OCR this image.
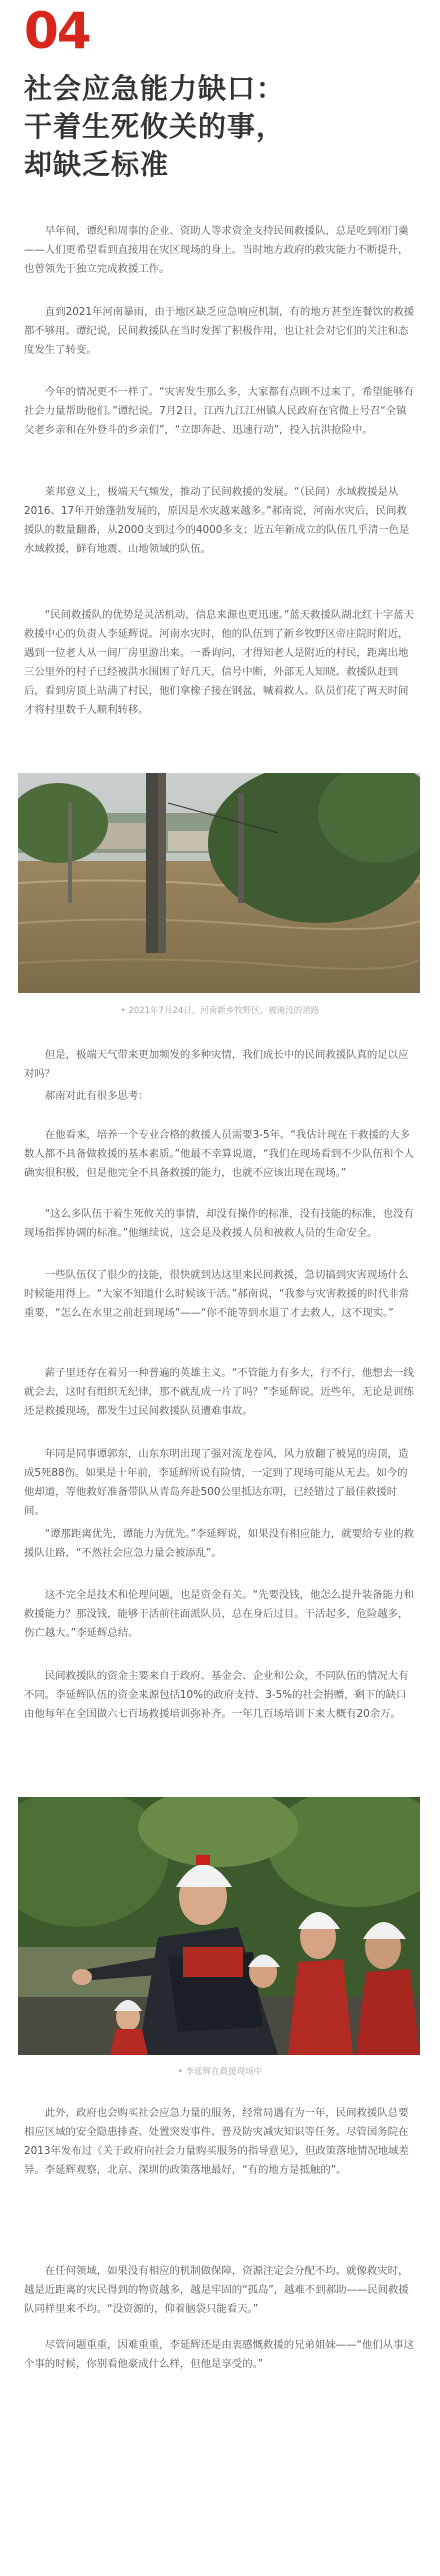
04
社会应急能力缺口：
干着生死攸关的事，
却缺乏标准

早年间，谭纪和周事的企业、资助人等求资金支持民间救援队，总是吃到闭门羹——人们更希望看到直接用在灾区现场的身上。当时地方政府的救灾能力不断提升，也曾领先于独立完成救援工作。

直到2021年河南暴雨，由于地区缺乏应急响应机制，有的地方甚至连餐饮的救援都不够用。谭纪说，民间救援队在当时发挥了积极作用，也让社会对它们的关注和态度发生了转变。

今年的情况更不一样了。“灾害发生那么多，大家都有点顾不过来了，希望能够有社会力量帮助他们。”谭纪说。7月2日，江西九江江州镇人民政府在官微上号召“全镇父老乡亲和在外登斗的乡亲们”，“立即奔赴、迅速行动”，投入抗洪抢险中。

莱邦意义上，极端天气频发，推动了民间救援的发展。“（民间）水域救援是从2016、17年开始蓬勃发展的，原因是水灾越来越多。”郝南说，河南水灾后，民间救援队的数量翻番，从2000支到过今的4000多支；近五年新成立的队伍几乎清一色是水域救援，鲜有地震、山地领域的队伍。

“民间救援队的优势是灵活机动，信息来源也更迅速。”蓝天救援队湖北红十字蓝天救援中心的负责人李延辉说。河南水灾时，他的队伍到了新乡牧野区帝庄院时附近，遇到一位老人从一间厂房里游出来。一番询问，才得知老人是附近的村民，距离出地三公里外的村子已经被洪水围困了好几天，信号中断，外部无人知晓。救援队赶到后，看到房顶上站满了村民，他们拿橡子接在钢盆，喊着救人。队员们花了两天时间才将村里数千人顺利转移。

• 2021年7月24日，河南新乡牧野区，被淹没的道路

但是，极端天气带来更加频发的多种灾情，我们成长中的民间救援队真的足以应对吗？

郝南对此有很多思考：

在他看来，培养一个专业合格的救援人员需要3-5年。“我估计现在干救援的大多数人都不具备做救援的基本素质。”他最不幸算说道，“我们在现场看到不少队伍和个人确实很积极，但是他完全不具备救援的能力，也就不应该出现在现场。”

“这么多队伍干着生死攸关的事情，却没有操作的标准，没有技能的标准，也没有现场指挥协调的标准。”他继续说，这会是及救援人员和被救人员的生命安全。

一些队伍仅了很少的技能，很快就到达这里来民间救援，急切搞到灾害现场什么时候能用得上。“大家不知道什么时候该干活。”郝南说，“我参与灾害救援的时代非常重要，“怎么在水里之前赶到现场”——“你不能等到水退了才去救人，这不现实。”

薪子里还存在着另一种普遍的英雄主义。“不管能力有多大，行不行，他想去一线就会去，这时有组织无纪律，那不就乱成一片了吗？”李延辉说。近些年，无论是训练还是救援现场，都发生过民间救援队员遭难事故。

年同是同事谭郭东，山东东明出现了强对流龙卷风，风力放翻了被晃的房顶，造成5死88伤。如果是十年前，李延辉所说有险情，一定到了现场可能从无去。如今的他却道，等他救好准备带队从青岛奔赴500公里抵达东明，已经错过了最佳救援时间。

“谭那距离优先，谭能力为优先。”李延辉说，如果没有相应能力，就要给专业的救援队让路，“不然社会应急力量会被添乱”。

这不完全是技术和伦理问题，也是资金有关。“先要没钱，他怎么提升装备能力和救援能力？那没钱，能够干活前往面派队员，总在身后过目。干活起多，危险越多，伤亡越大。”李延辉总结。

民间救援队的资金主要来自于政府、基金会、企业和公众，不同队伍的情况大有不同。李延辉队伍的资金来源包括10%的政府支持、3-5%的社会捐赠，剩下的缺口由他每年在全国做六七百场救援培训弥补齐。一年几百场培训下来大概有20余万。

• 李延辉在救援现场中

此外，政府也会购买社会应急力量的服务，经常局遇有为一年，民间救援队总要相应区域的安全隐患排查、处置突发事件、普及防灾减灾知识等任务。尽管国务院在2013年发布过《关于政府向社会力量购买服务的指导意见》，但政策落地情况地域差异。李延辉观察，北京、深圳的政策落地最好，“有的地方是抵触的”。

在任何领域，如果没有相应的机制做保障，资源注定会分配不均。就像救灾时，越是近距离的灾民得到的物资越多，越是牢固的“孤岛”，越难不到郝助——民间救援队同样里来不均。“没资源的，仰着脑袋只能看天。”

尽管问题重重，因难重重，李延辉还是由衷感慨救援的兄弟姐妹——“他们从事这个事的时候，你别看他豪成什么样，但他是享受的。”
